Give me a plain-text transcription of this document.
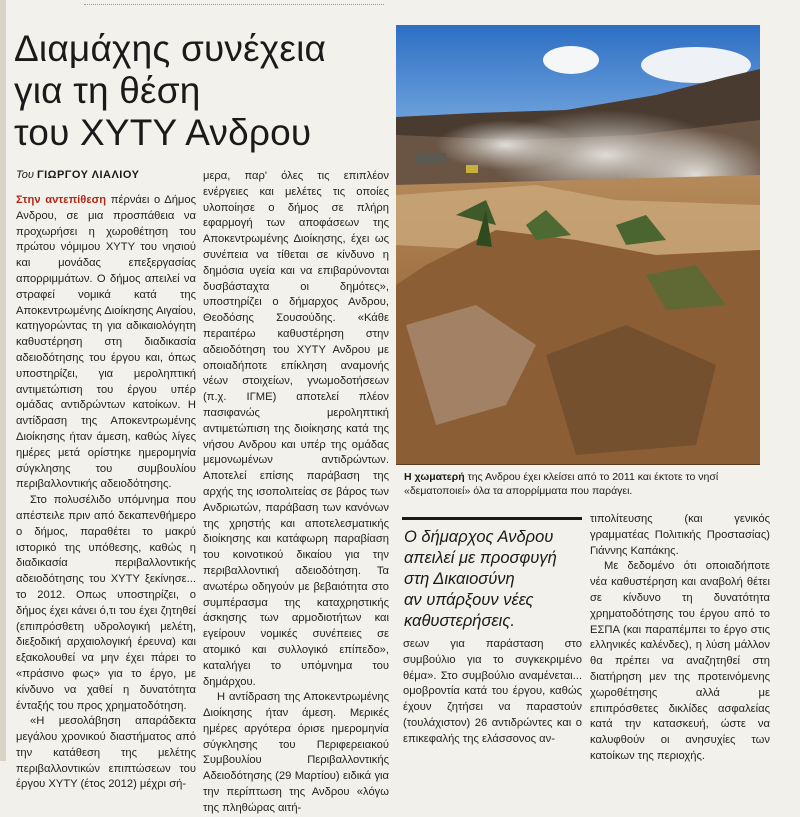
Διαμάχης συνέχεια
για τη θέση
του ΧΥΤΥ Ανδρου
Του ΓΙΩΡΓΟΥ ΛΙΑΛΙΟΥ

Στην αντεπίθεση πέρνάει ο Δήμος Ανδρου, σε μια προσπάθεια να προχωρήσει η χωροθέτηση του πρώτου νόμιμου ΧΥΤΥ του νησιού και μονάδας επεξεργασίας απορριμμάτων. Ο δήμος απειλεί να στραφεί νομικά κατά της Αποκεντρωμένης Διοίκησης Αιγαίου, κατηγορώντας τη για αδικαιολόγητη καθυστέρηση στη διαδικασία αδειοδότησης του έργου και, όπως υποστηρίζει, για μεροληπτική αντιμετώπιση του έργου υπέρ ομάδας αντιδρώντων κατοίκων. Η αντίδραση της Αποκεντρωμένης Διοίκησης ήταν άμεση, καθώς λίγες ημέρες μετά ορίστηκε ημερομηνία σύγκλησης του συμβουλίου περιβαλλοντικής αδειοδότησης.

Στο πολυσέλιδο υπόμνημα που απέστειλε πριν από δεκαπενθήμερο ο δήμος, παραθέτει το μακρύ ιστορικό της υπόθεσης, καθώς η διαδικασία περιβαλλοντικής αδειοδότησης του ΧΥΤΥ ξεκίνησε... το 2012. Οπως υποστηρίζει, ο δήμος έχει κάνει ό,τι του έχει ζητηθεί (επιπρόσθετη υδρολογική μελέτη, διεξοδική αρχαιολογική έρευνα) και εξακολουθεί να μην έχει πάρει το «πράσινο φως» για το έργο, με κίνδυνο να χαθεί η δυνατότητα ένταξής του προς χρηματοδότηση.

«Η μεσολάβηση απαράδεκτα μεγάλου χρονικού διαστήματος από την κατάθεση της μελέτης περιβαλλοντικών επιπτώσεων του έργου ΧΥΤΥ (έτος 2012) μέχρι σή-

μερα, παρ' όλες τις επιπλέον ενέργειες και μελέτες τις οποίες υλοποίησε ο δήμος σε πλήρη εφαρμογή των αποφάσεων της Αποκεντρωμένης Διοίκησης, έχει ως συνέπεια να τίθεται σε κίνδυνο η δημόσια υγεία και να επιβαρύνονται δυσβάσταχτα οι δημότες», υποστηρίζει ο δήμαρχος Ανδρου, Θεοδόσης Σουσούδης. «Κάθε περαιτέρω καθυστέρηση στην αδειοδότηση του ΧΥΤΥ Ανδρου με οποιαδήποτε επίκληση αναμονής νέων στοιχείων, γνωμοδοτήσεων (π.χ. ΙΓΜΕ) αποτελεί πλέον πασιφανώς μεροληπτική αντιμετώπιση της διοίκησης κατά της νήσου Ανδρου και υπέρ της ομάδας μεμονωμένων αντιδρώντων. Αποτελεί επίσης παράβαση της αρχής της ισοπολιτείας σε βάρος των Ανδριωτών, παράβαση των κανόνων της χρηστής και αποτελεσματικής διοίκησης και κατάφωρη παραβίαση του κοινοτικού δικαίου για την περιβαλλοντική αδειοδότηση. Τα ανωτέρω οδηγούν με βεβαιότητα στο συμπέρασμα της καταχρηστικής άσκησης των αρμοδιοτήτων και εγείρουν νομικές συνέπειες σε ατομικό και συλλογικό επίπεδο», καταλήγει το υπόμνημα του δημάρχου.

Η αντίδραση της Αποκεντρωμένης Διοίκησης ήταν άμεση. Μερικές ημέρες αργότερα όρισε ημερομηνία σύγκλησης του Περιφερειακού Συμβουλίου Περιβαλλοντικής Αδειοδότησης (29 Μαρτίου) ειδικά για την περίπτωση της Ανδρου «λόγω της πληθώρας αιτή-

Η χωματερή της Ανδρου έχει κλείσει από το 2011 και έκτοτε το νησί «δεματοποιεί» όλα τα απορρίμματα που παράγει.
Ο δήμαρχος Ανδρου
απειλεί με προσφυγή
στη Δικαιοσύνη
αν υπάρξουν νέες
καθυστερήσεις.

σεων για παράσταση στο συμβούλιο για το συγκεκριμένο θέμα». Στο συμβούλιο αναμένεται... ομοβροντία κατά του έργου, καθώς έχουν ζητήσει να παραστούν (τουλάχιστον) 26 αντιδρώντες και ο επικεφαλής της ελάσσονος αν-

τιπολίτευσης (και γενικός γραμματέας Πολιτικής Προστασίας) Γιάννης Καπάκης.

Με δεδομένο ότι οποιαδήποτε νέα καθυστέρηση και αναβολή θέτει σε κίνδυνο τη δυνατότητα χρηματοδότησης του έργου από το ΕΣΠΑ (και παραπέμπει το έργο στις ελληνικές καλένδες), η λύση μάλλον θα πρέπει να αναζητηθεί στη διατήρηση μεν της προτεινόμενης χωροθέτησης αλλά με επιπρόσθετες δικλίδες ασφαλείας κατά την κατασκευή, ώστε να καλυφθούν οι ανησυχίες των κατοίκων της περιοχής.
